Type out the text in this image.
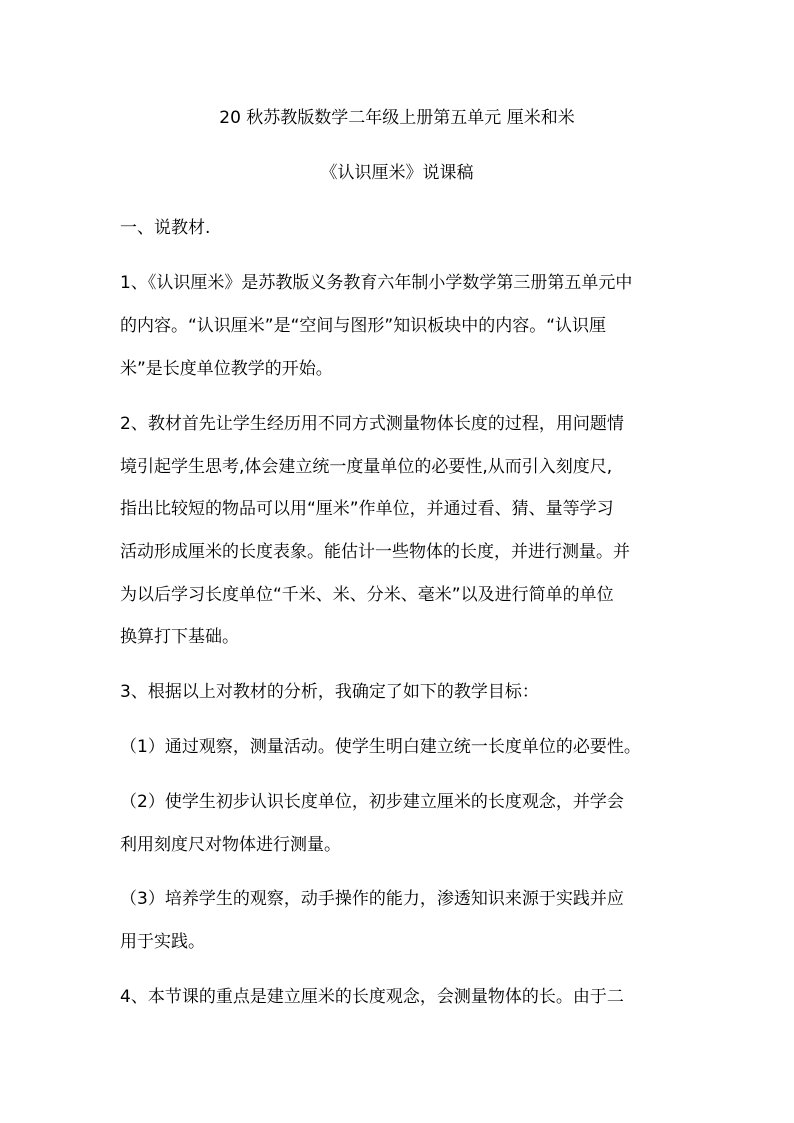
20 秋苏教版数学二年级上册第五单元 厘米和米
《认识厘米》说课稿
一、说教材.
1、《认识厘米》是苏教版义务教育六年制小学数学第三册第五单元中
的内容。“认识厘米”是“空间与图形”知识板块中的内容。“认识厘
米”是长度单位教学的开始。
2、教材首先让学生经历用不同方式测量物体长度的过程，用问题情
境引起学生思考,体会建立统一度量单位的必要性,从而引入刻度尺,
指出比较短的物品可以用“厘米”作单位，并通过看、猜、量等学习
活动形成厘米的长度表象。能估计一些物体的长度，并进行测量。并
为以后学习长度单位“千米、米、分米、毫米”以及进行简单的单位
换算打下基础。
3、根据以上对教材的分析，我确定了如下的教学目标：
（1）通过观察，测量活动。使学生明白建立统一长度单位的必要性。
（2）使学生初步认识长度单位，初步建立厘米的长度观念，并学会
利用刻度尺对物体进行测量。
（3）培养学生的观察，动手操作的能力，渗透知识来源于实践并应
用于实践。
4、本节课的重点是建立厘米的长度观念，会测量物体的长。由于二
